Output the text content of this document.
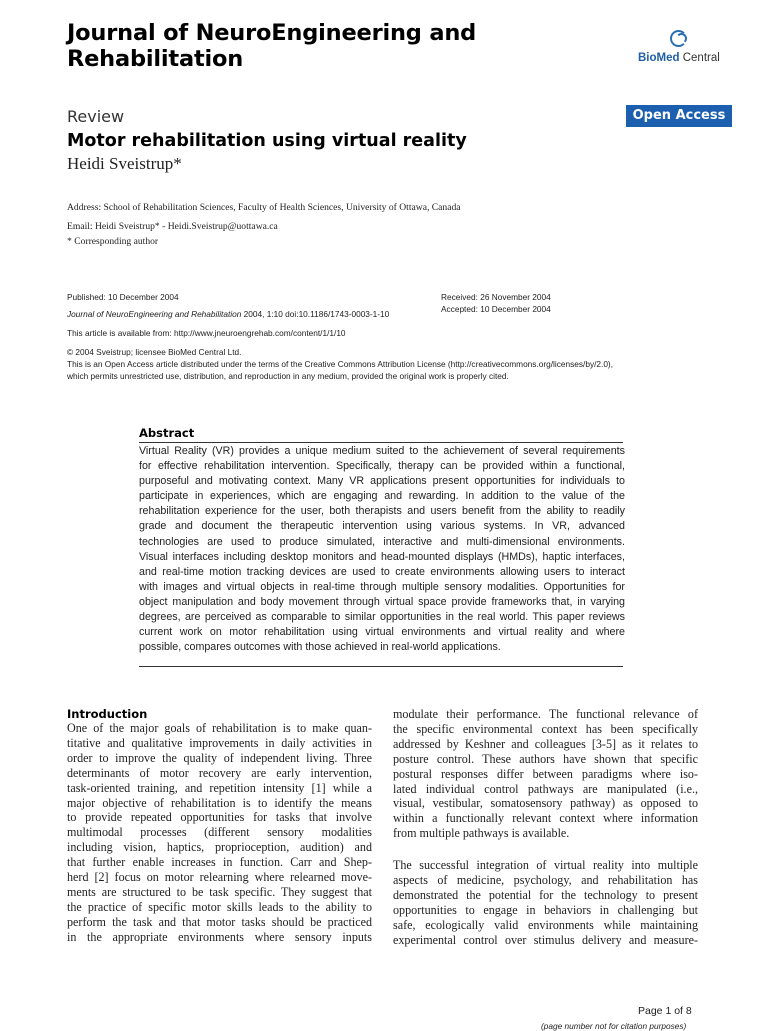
Journal of NeuroEngineering and
Rehabilitation	BioMed Central
Review	Open Access
Motor rehabilitation using virtual reality
Heidi Sveistrup*
Address: School of Rehabilitation Sciences, Faculty of Health Sciences, University of Ottawa, Canada
Email: Heidi Sveistrup* - Heidi.Sveistrup@uottawa.ca
* Corresponding author
Published: 10 December 2004
Journal of NeuroEngineering and Rehabilitation 2004, 1:10 doi:10.1186/1743-0003-1-10
Received: 26 November 2004
Accepted: 10 December 2004
This article is available from: http://www.jneuroengrehab.com/content/1/1/10
© 2004 Sveistrup; licensee BioMed Central Ltd.
This is an Open Access article distributed under the terms of the Creative Commons Attribution License (http://creativecommons.org/licenses/by/2.0),
which permits unrestricted use, distribution, and reproduction in any medium, provided the original work is properly cited.
Abstract
Virtual Reality (VR) provides a unique medium suited to the achievement of several requirements
for effective rehabilitation intervention. Specifically, therapy can be provided within a functional,
purposeful and motivating context. Many VR applications present opportunities for individuals to
participate in experiences, which are engaging and rewarding. In addition to the value of the
rehabilitation experience for the user, both therapists and users benefit from the ability to readily
grade and document the therapeutic intervention using various systems. In VR, advanced
technologies are used to produce simulated, interactive and multi-dimensional environments.
Visual interfaces including desktop monitors and head-mounted displays (HMDs), haptic interfaces,
and real-time motion tracking devices are used to create environments allowing users to interact
with images and virtual objects in real-time through multiple sensory modalities. Opportunities for
object manipulation and body movement through virtual space provide frameworks that, in varying
degrees, are perceived as comparable to similar opportunities in the real world. This paper reviews
current work on motor rehabilitation using virtual environments and virtual reality and where
possible, compares outcomes with those achieved in real-world applications.
Introduction
One of the major goals of rehabilitation is to make quan-
titative and qualitative improvements in daily activities in
order to improve the quality of independent living. Three
determinants of motor recovery are early intervention,
task-oriented training, and repetition intensity [1] while a
major objective of rehabilitation is to identify the means
to provide repeated opportunities for tasks that involve
multimodal processes (different sensory modalities
including vision, haptics, proprioception, audition) and
that further enable increases in function. Carr and Shep-
herd [2] focus on motor relearning where relearned move-
ments are structured to be task specific. They suggest that
the practice of specific motor skills leads to the ability to
perform the task and that motor tasks should be practiced
in the appropriate environments where sensory inputs
modulate their performance. The functional relevance of
the specific environmental context has been specifically
addressed by Keshner and colleagues [3-5] as it relates to
posture control. These authors have shown that specific
postural responses differ between paradigms where iso-
lated individual control pathways are manipulated (i.e.,
visual, vestibular, somatosensory pathway) as opposed to
within a functionally relevant context where information
from multiple pathways is available.
The successful integration of virtual reality into multiple
aspects of medicine, psychology, and rehabilitation has
demonstrated the potential for the technology to present
opportunities to engage in behaviors in challenging but
safe, ecologically valid environments while maintaining
experimental control over stimulus delivery and measure-
Page 1 of 8
(page number not for citation purposes)
